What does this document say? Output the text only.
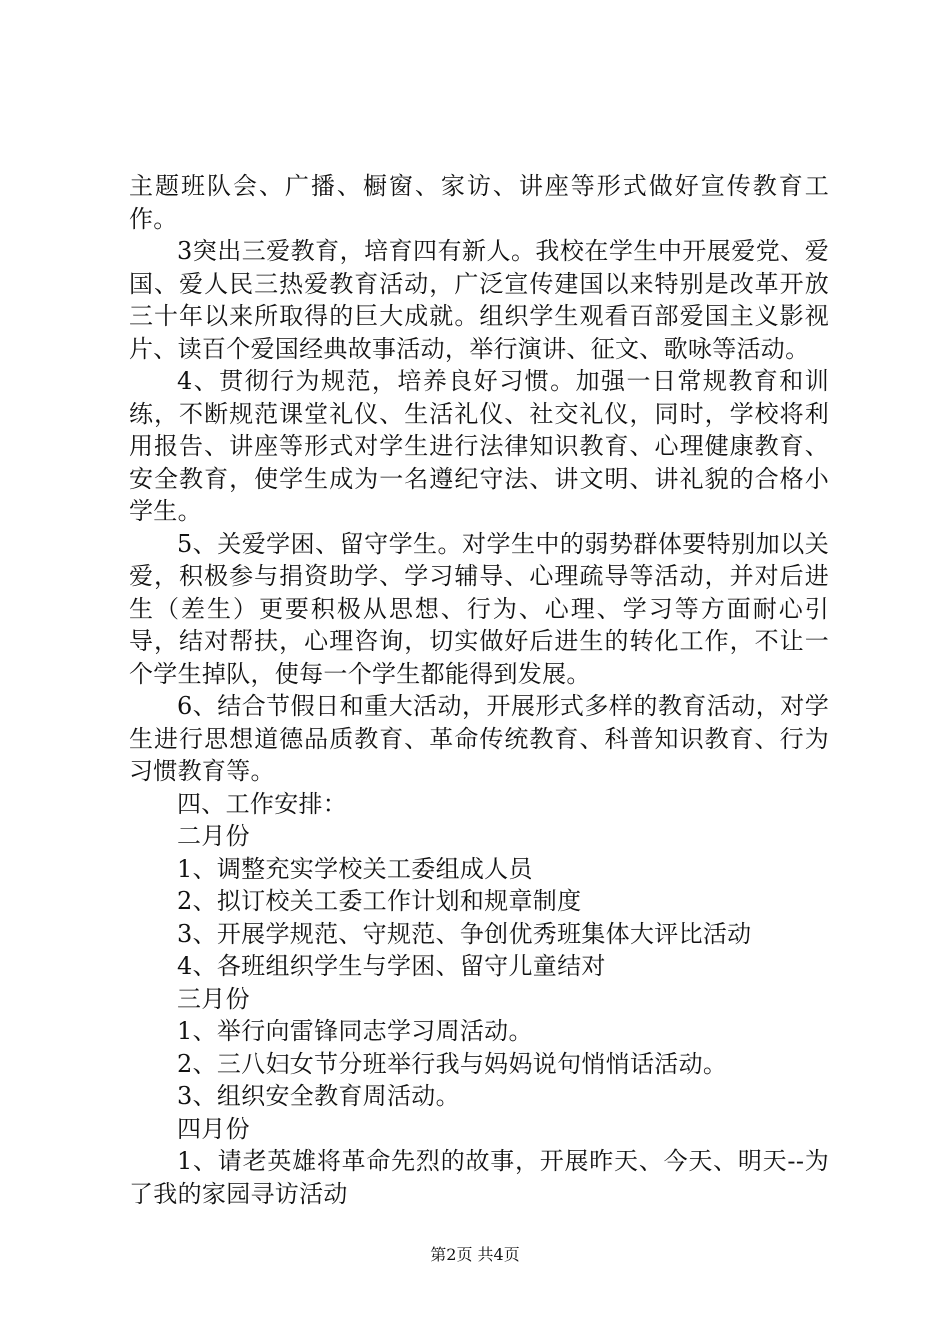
主题班队会、广播、橱窗、家访、讲座等形式做好宣传教育工作。

3突出三爱教育，培育四有新人。我校在学生中开展爱党、爱国、爱人民三热爱教育活动，广泛宣传建国以来特别是改革开放三十年以来所取得的巨大成就。组织学生观看百部爱国主义影视片、读百个爱国经典故事活动，举行演讲、征文、歌咏等活动。

4、贯彻行为规范，培养良好习惯。加强一日常规教育和训练，不断规范课堂礼仪、生活礼仪、社交礼仪，同时，学校将利用报告、讲座等形式对学生进行法律知识教育、心理健康教育、安全教育，使学生成为一名遵纪守法、讲文明、讲礼貌的合格小学生。

5、关爱学困、留守学生。对学生中的弱势群体要特别加以关爱，积极参与捐资助学、学习辅导、心理疏导等活动，并对后进生（差生）更要积极从思想、行为、心理、学习等方面耐心引导，结对帮扶，心理咨询，切实做好后进生的转化工作，不让一个学生掉队，使每一个学生都能得到发展。

6、结合节假日和重大活动，开展形式多样的教育活动，对学生进行思想道德品质教育、革命传统教育、科普知识教育、行为习惯教育等。

四、工作安排：

二月份

1、调整充实学校关工委组成人员

2、拟订校关工委工作计划和规章制度

3、开展学规范、守规范、争创优秀班集体大评比活动

4、各班组织学生与学困、留守儿童结对

三月份

1、举行向雷锋同志学习周活动。

2、三八妇女节分班举行我与妈妈说句悄悄话活动。

3、组织安全教育周活动。

四月份

1、请老英雄将革命先烈的故事，开展昨天、今天、明天--为了我的家园寻访活动

第2页 共4页
